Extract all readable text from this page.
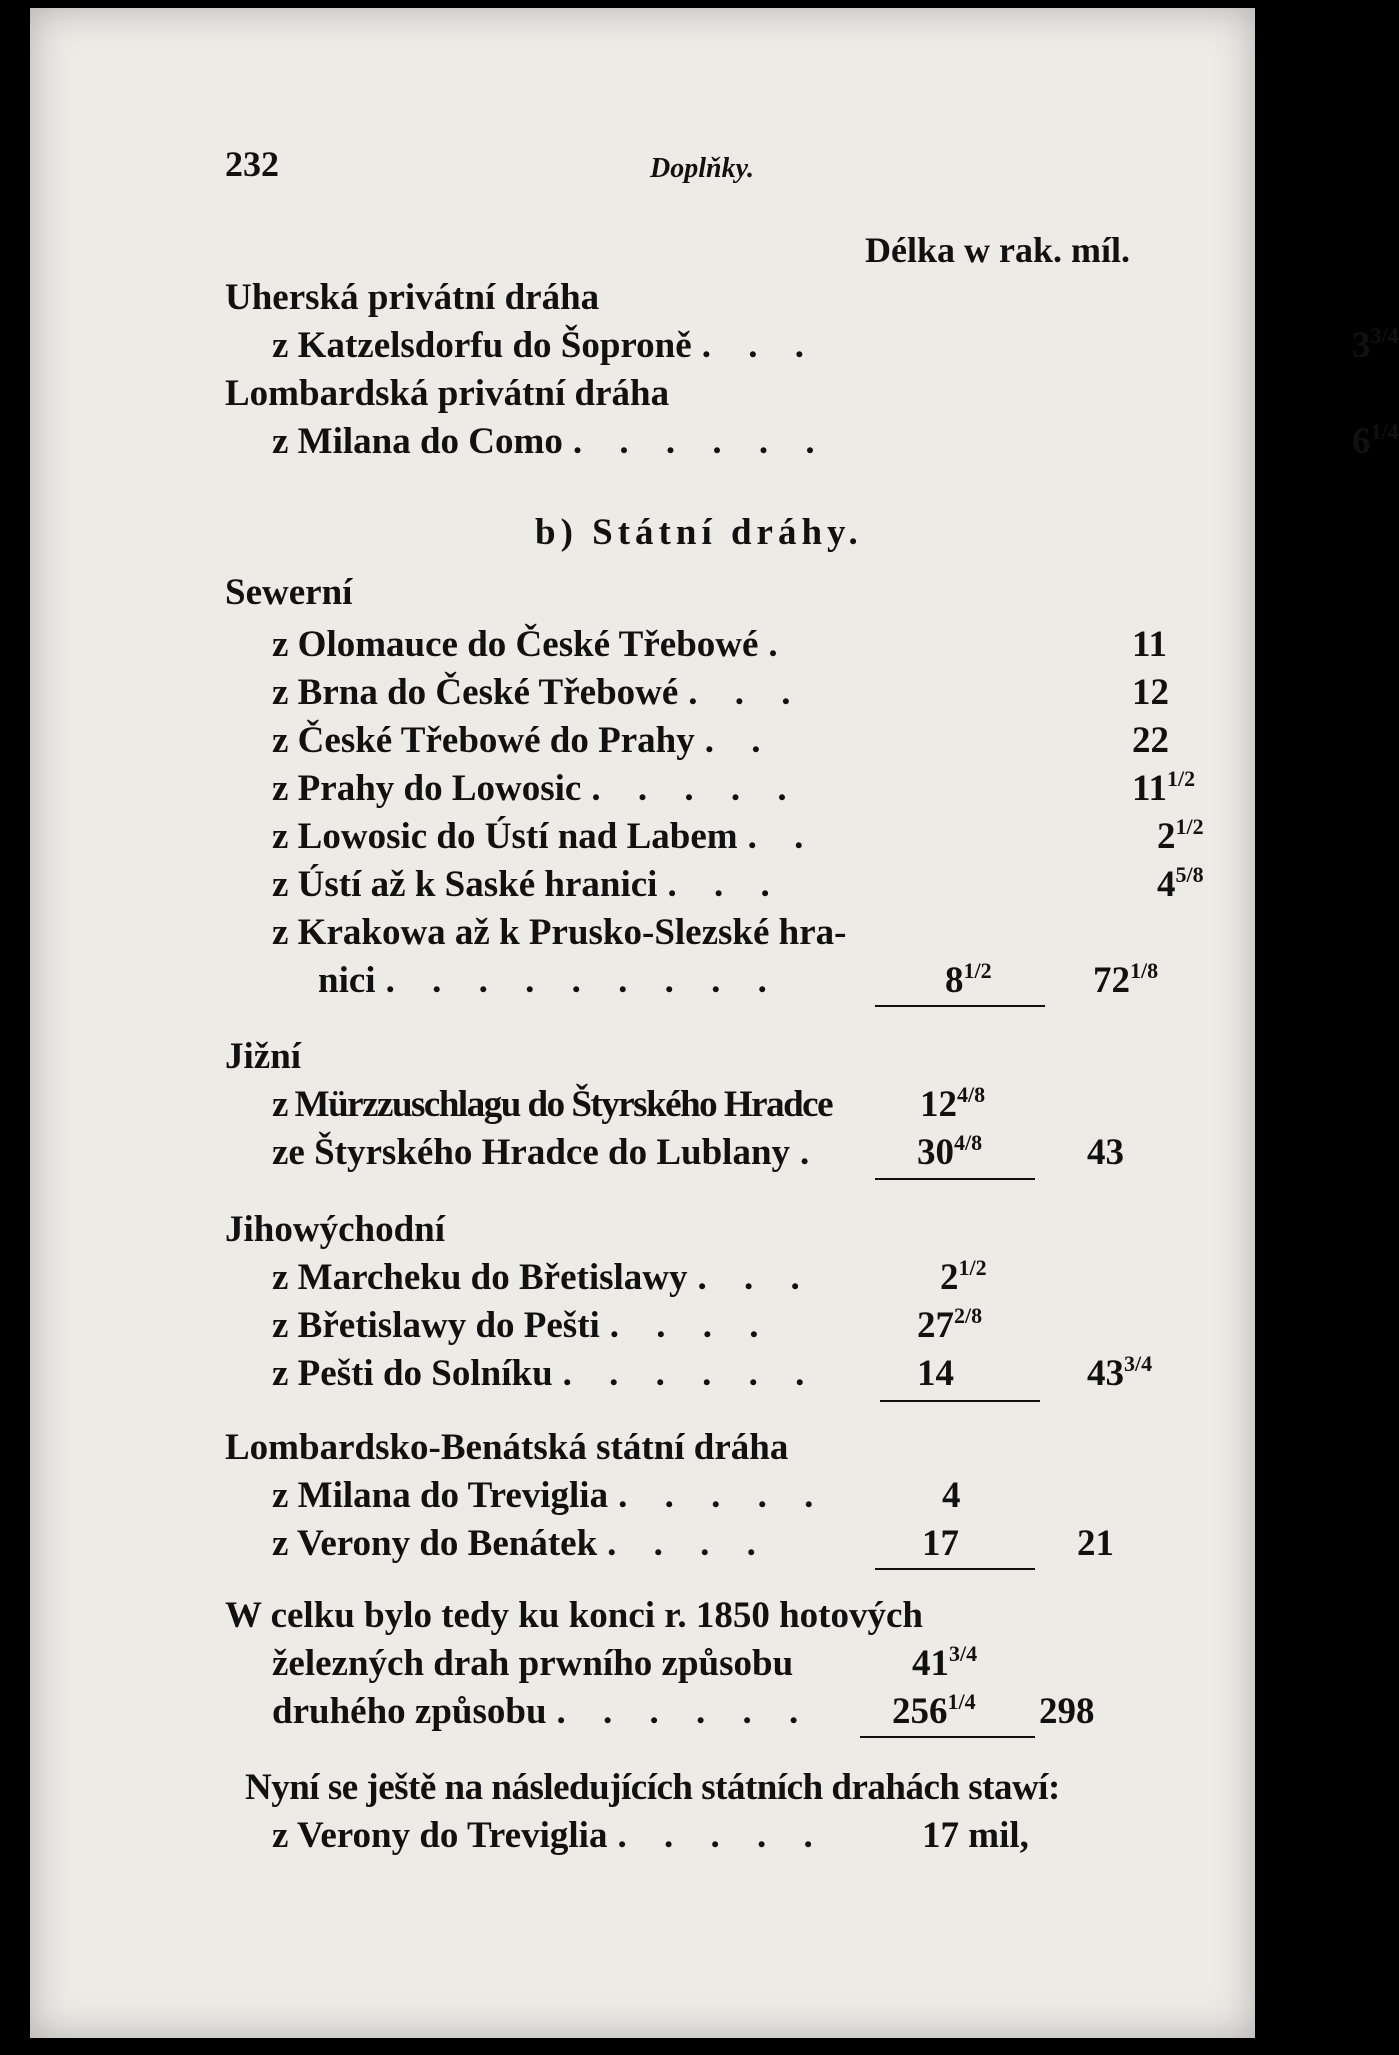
232	Doplňky.
Délka w rak. míl.
Uherská privátní dráha
z Katzelsdorfu do Šoproně . . .	$3^{3/4}$
Lombardská privátní dráha
z Milana do Como . . . . . .	$6^{1/4}$
b) Státní dráhy.
Sewerní
z Olomauce do České Třebowé .	11
z Brna do České Třebowé . . .	12
z České Třebowé do Prahy . .	22
z Prahy do Lowosic . . . . .	$11^{1/2}$
z Lowosic do Ústí nad Labem . .	$2^{1/2}$
z Ústí až k Saské hranici . . .	$4^{5/8}$
z Krakowa až k Prusko-Slezské hra-
nici . . . . . . . . .	$8^{1/2}$	$72^{1/8}$
Jižní
z Mürzzuschlagu do Štyrského Hradce $12^{4/8}$
ze Štyrského Hradce do Lublany .	$30^{4/8}$	43
Jihowýchodní
z Marcheku do Břetislawy . . .	$2^{1/2}$
z Břetislawy do Pešti . . . .	$27^{2/8}$
z Pešti do Solníku . . . . . .	14	$43^{3/4}$
Lombardsko-Benátská státní dráha
z Milana do Treviglia . . . . .	4
z Verony do Benátek . . . .	17	21
W celku bylo tedy ku konci r. 1850 hotových
železných drah prwního způsobu	$41^{3/4}$
druhého způsobu . . . . . . $256^{1/4}$ 298
Nyní se ještě na následujících státních drahách stawí:
z Verony do Treviglia . . . . .	17 mil,
